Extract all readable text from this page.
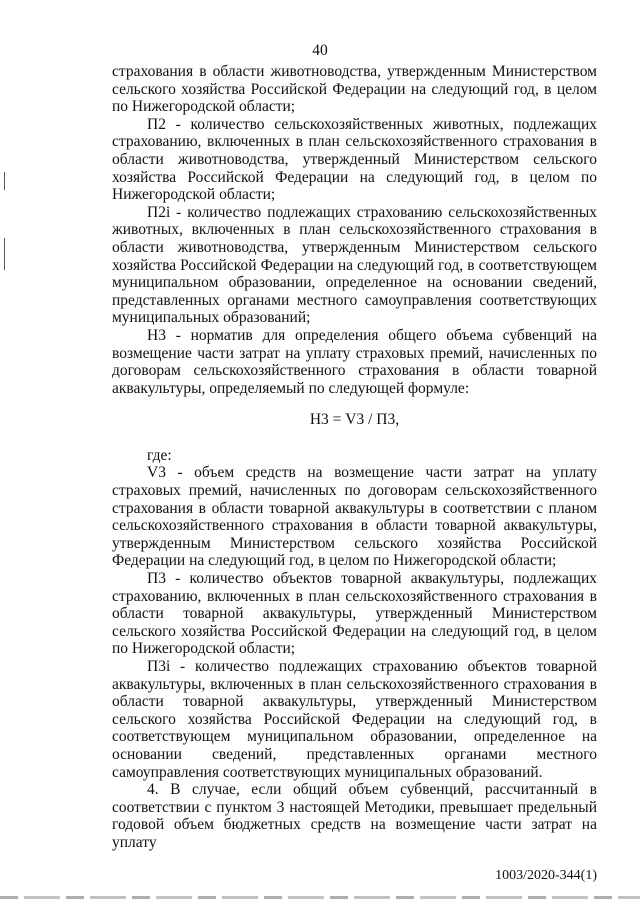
40

страхования в области животноводства, утвержденным Министерством сельского хозяйства Российской Федерации на следующий год, в целом по Нижегородской области;

П2 - количество сельскохозяйственных животных, подлежащих страхованию, включенных в план сельскохозяйственного страхования в области животноводства, утвержденный Министерством сельского хозяйства Российской Федерации на следующий год, в целом по Нижегородской области;

П2i - количество подлежащих страхованию сельскохозяйственных животных, включенных в план сельскохозяйственного страхования в области животноводства, утвержденным Министерством сельского хозяйства Российской Федерации на следующий год, в соответствующем муниципальном образовании, определенное на основании сведений, представленных органами местного самоуправления соответствующих муниципальных образований;

Н3 - норматив для определения общего объема субвенций на возмещение части затрат на уплату страховых премий, начисленных по договорам сельскохозяйственного страхования в области товарной аквакультуры, определяемый по следующей формуле:

Н3 = V3 / П3,

где:

V3 - объем средств на возмещение части затрат на уплату страховых премий, начисленных по договорам сельскохозяйственного страхования в области товарной аквакультуры в соответствии с планом сельскохозяйственного страхования в области товарной аквакультуры, утвержденным Министерством сельского хозяйства Российской Федерации на следующий год, в целом по Нижегородской области;

П3 - количество объектов товарной аквакультуры, подлежащих страхованию, включенных в план сельскохозяйственного страхования в области товарной аквакультуры, утвержденный Министерством сельского хозяйства Российской Федерации на следующий год, в целом по Нижегородской области;

П3i - количество подлежащих страхованию объектов товарной аквакультуры, включенных в план сельскохозяйственного страхования в области товарной аквакультуры, утвержденный Министерством сельского хозяйства Российской Федерации на следующий год, в соответствующем муниципальном образовании, определенное на основании сведений, представленных органами местного самоуправления соответствующих муниципальных образований.

4. В случае, если общий объем субвенций, рассчитанный в соответствии с пунктом 3 настоящей Методики, превышает предельный годовой объем бюджетных средств на возмещение части затрат на уплату

1003/2020-344(1)
